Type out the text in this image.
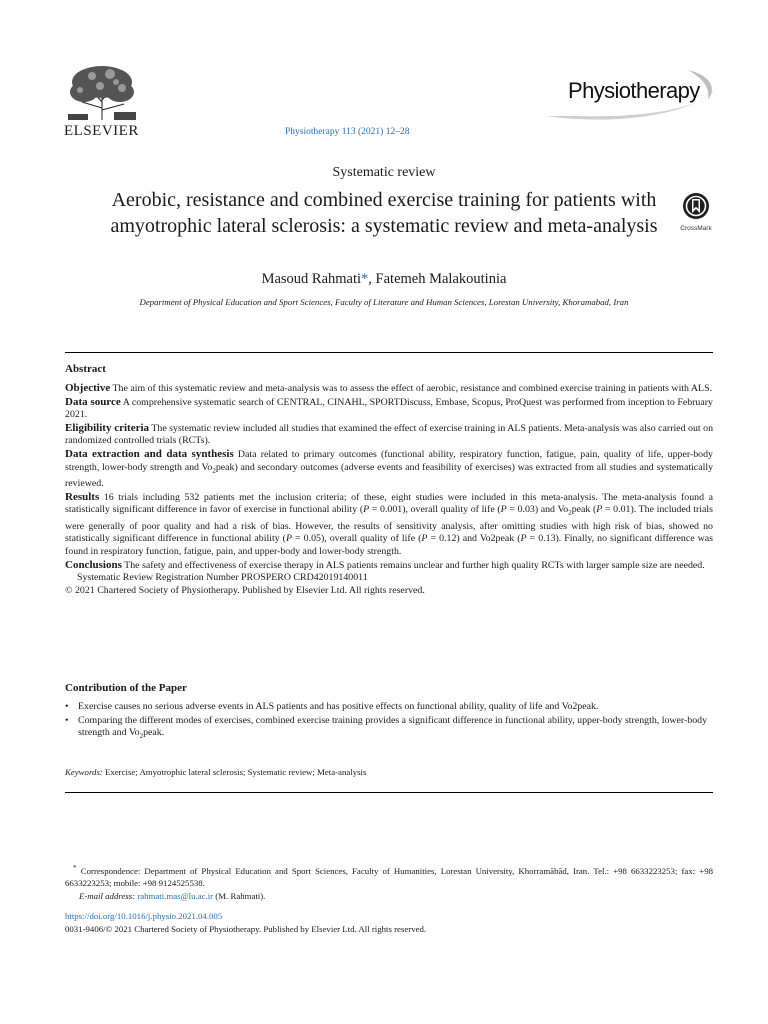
ELSEVIER	Physiotherapy 113 (2021) 12–28
Physiotherapy
Systematic review
Aerobic, resistance and combined exercise training for patients with amyotrophic lateral sclerosis: a systematic review and meta-analysis	CrossMark
Masoud Rahmati*, Fatemeh Malakoutinia
Department of Physical Education and Sport Sciences, Faculty of Literature and Human Sciences, Lorestan University, Khoramabad, Iran
Abstract

Objective The aim of this systematic review and meta-analysis was to assess the effect of aerobic, resistance and combined exercise training in patients with ALS.

Data source A comprehensive systematic search of CENTRAL, CINAHL, SPORTDiscuss, Embase, Scopus, ProQuest was performed from inception to February 2021.

Eligibility criteria The systematic review included all studies that examined the effect of exercise training in ALS patients. Meta-analysis was also carried out on randomized controlled trials (RCTs).

Data extraction and data synthesis Data related to primary outcomes (functional ability, respiratory function, fatigue, pain, quality of life, upper-body strength, lower-body strength and $Vo_2peak$) and secondary outcomes (adverse events and feasibility of exercises) was extracted from all studies and systematically reviewed.

Results 16 trials including 532 patients met the inclusion criteria; of these, eight studies were included in this meta-analysis. The meta-analysis found a statistically significant difference in favor of exercise in functional ability (P = 0.001), overall quality of life (P = 0.03) and $Vo_2peak$ (P = 0.01). The included trials were generally of poor quality and had a risk of bias. However, the results of sensitivity analysis, after omitting studies with high risk of bias, showed no statistically significant difference in functional ability (P = 0.05), overall quality of life (P = 0.12) and Vo2peak (P = 0.13). Finally, no significant difference was found in respiratory function, fatigue, pain, and upper-body and lower-body strength.

Conclusions The safety and effectiveness of exercise therapy in ALS patients remains unclear and further high quality RCTs with larger sample size are needed.

Systematic Review Registration Number PROSPERO CRD42019140011

© 2021 Chartered Society of Physiotherapy. Published by Elsevier Ltd. All rights reserved.

Contribution of the Paper
• Exercise causes no serious adverse events in ALS patients and has positive effects on functional ability, quality of life and Vo2peak.
• Comparing the different modes of exercises, combined exercise training provides a significant difference in functional ability, upper-body strength, lower-body strength and $Vo_2peak$.
Keywords: Exercise; Amyotrophic lateral sclerosis; Systematic review; Meta-analysis
* Correspondence: Department of Physical Education and Sport Sciences, Faculty of Humanities, Lorestan University, Khorramābād, Iran. Tel.: +98 6633223253; fax: +98 6633223253; mobile: +98 9124525538.
E-mail address: rahmati.mas@lu.ac.ir (M. Rahmati).
https://doi.org/10.1016/j.physio.2021.04.005
0031-9406/© 2021 Chartered Society of Physiotherapy. Published by Elsevier Ltd. All rights reserved.
